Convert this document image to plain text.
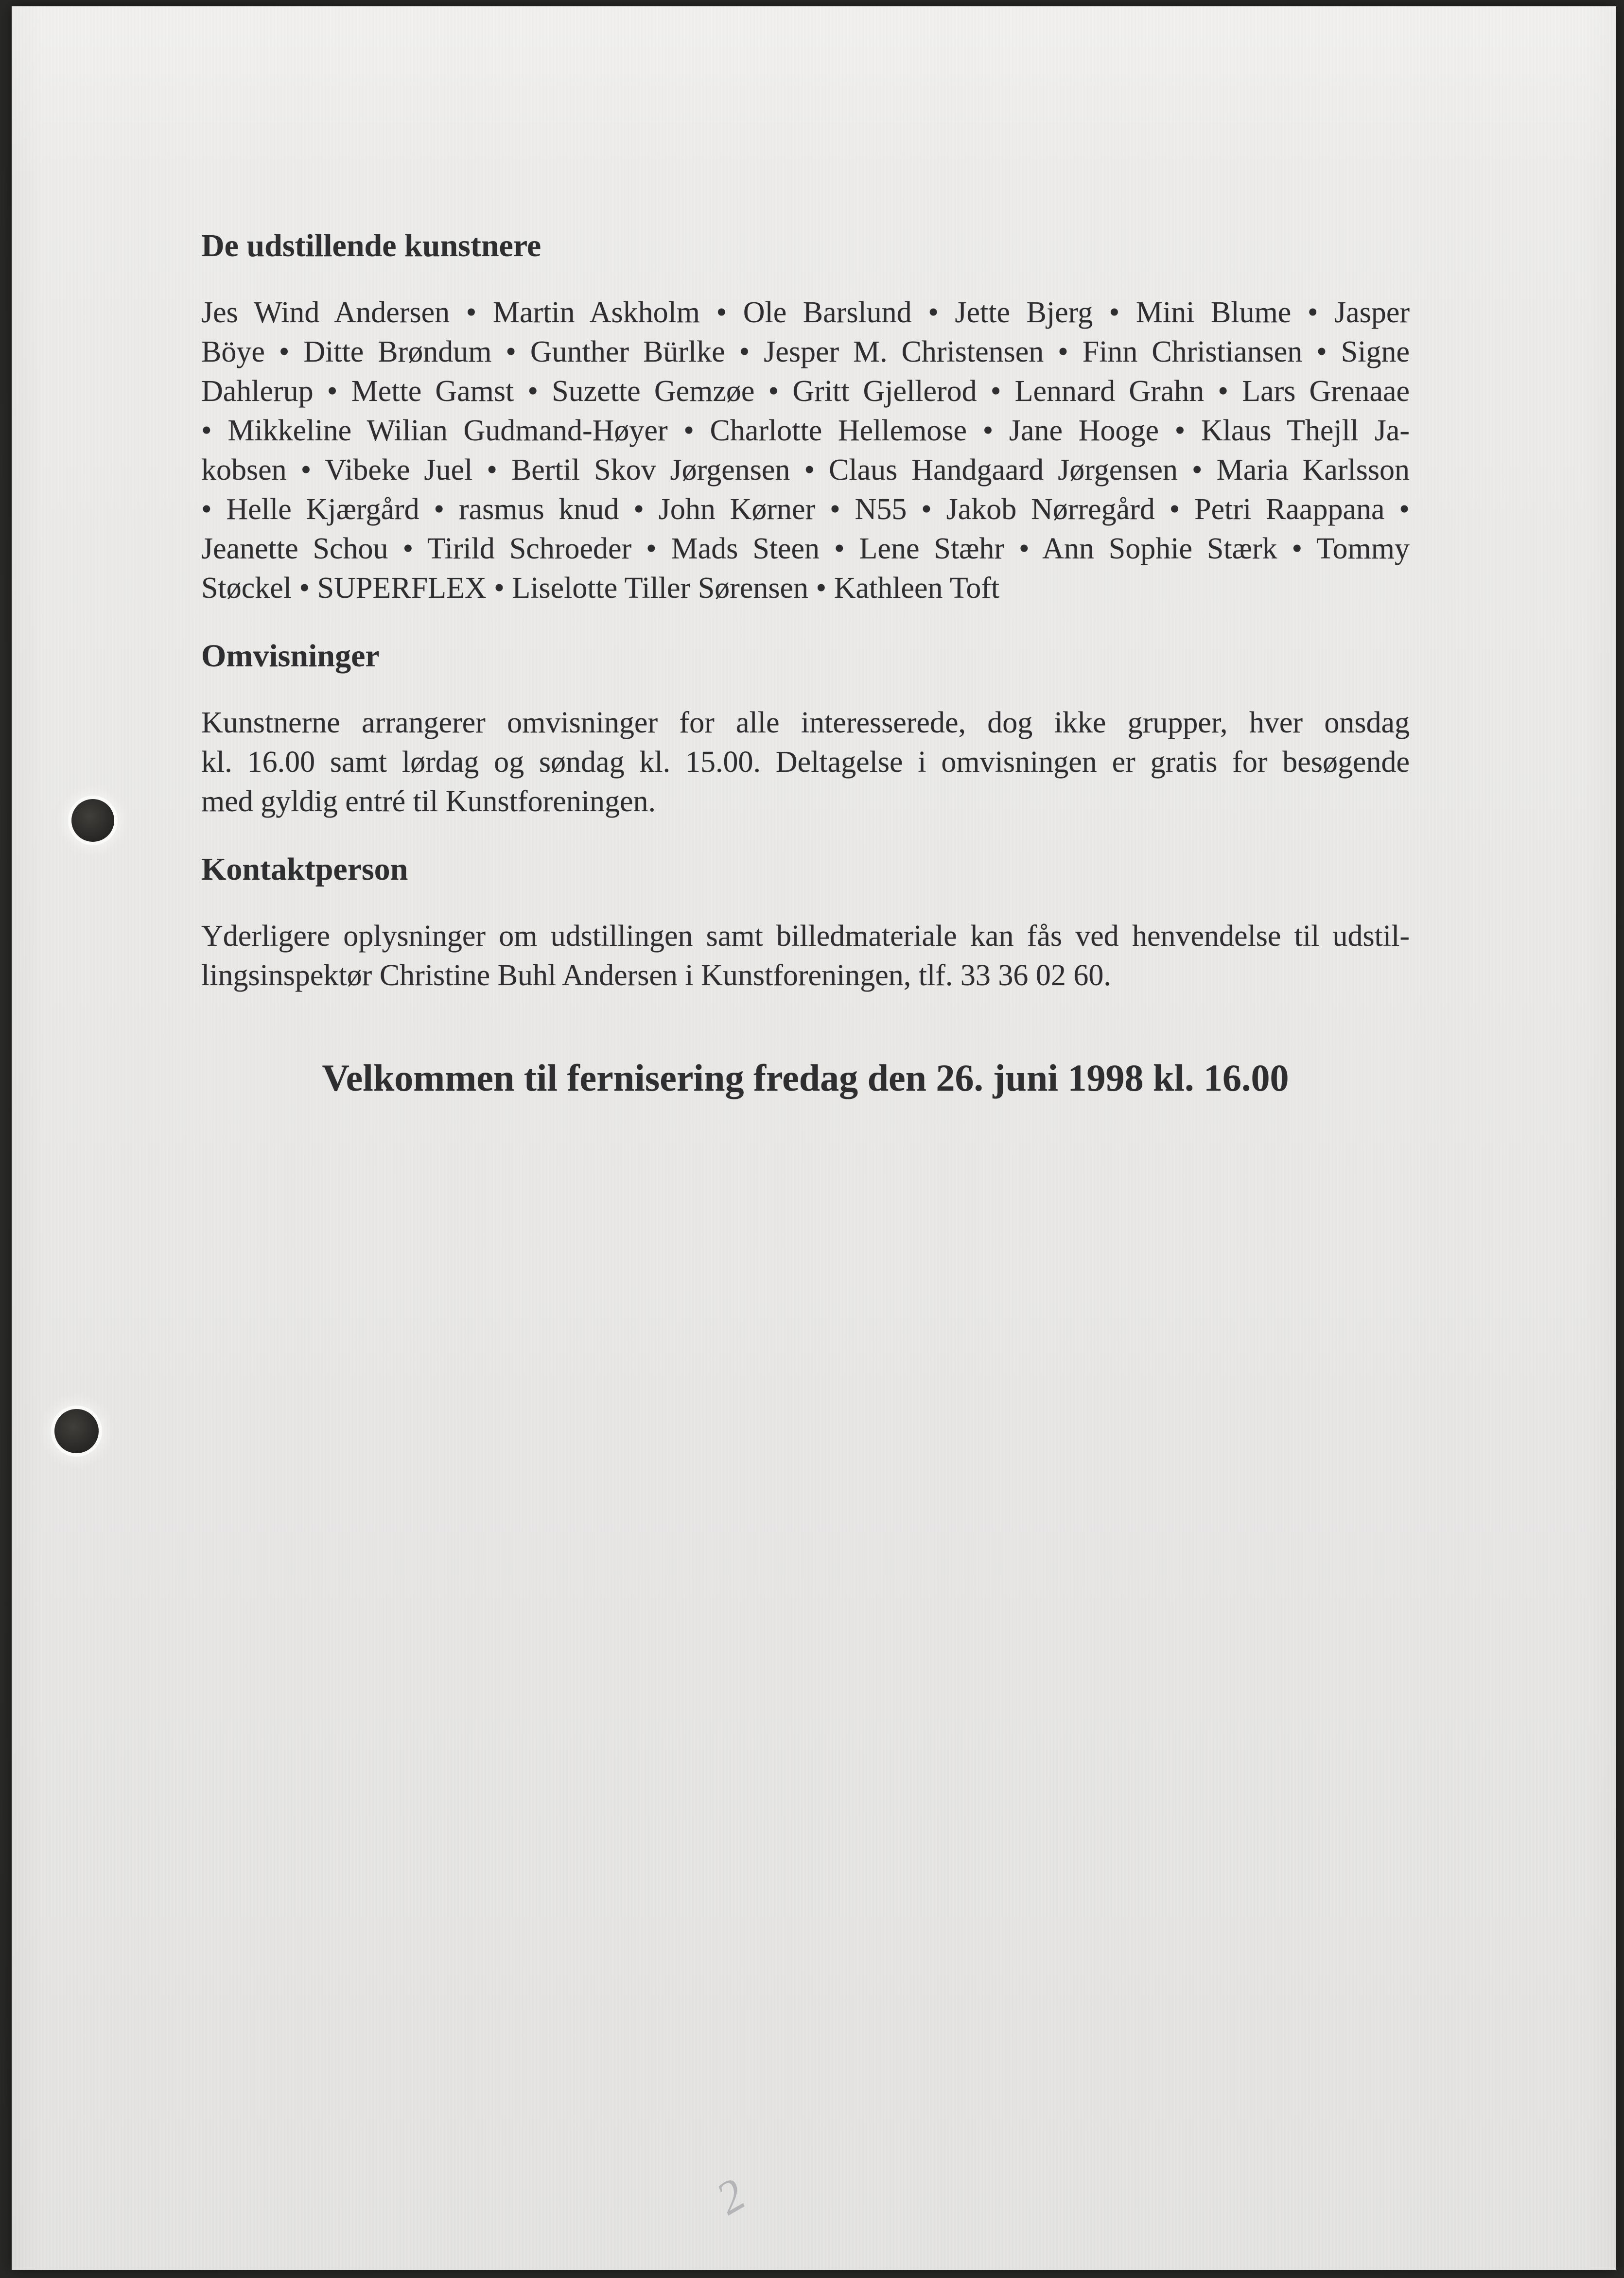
De udstillende kunstnere
Jes Wind Andersen • Martin Askholm • Ole Barslund • Jette Bjerg • Mini Blume • Jasper
Böye • Ditte Brøndum • Gunther Bürlke • Jesper M. Christensen • Finn Christiansen • Signe
Dahlerup • Mette Gamst • Suzette Gemzøe • Gritt Gjellerod • Lennard Grahn • Lars Grenaae
• Mikkeline Wilian Gudmand-Høyer • Charlotte Hellemose • Jane Hooge • Klaus Thejll Ja-
kobsen • Vibeke Juel • Bertil Skov Jørgensen • Claus Handgaard Jørgensen • Maria Karlsson
• Helle Kjærgård • rasmus knud • John Kørner • N55 • Jakob Nørregård • Petri Raappana •
Jeanette Schou • Tirild Schroeder • Mads Steen • Lene Stæhr • Ann Sophie Stærk • Tommy
Støckel • SUPERFLEX • Liselotte Tiller Sørensen • Kathleen Toft
Omvisninger
Kunstnerne arrangerer omvisninger for alle interesserede, dog ikke grupper, hver onsdag
kl. 16.00 samt lørdag og søndag kl. 15.00. Deltagelse i omvisningen er gratis for besøgende
med gyldig entré til Kunstforeningen.
Kontaktperson
Yderligere oplysninger om udstillingen samt billedmateriale kan fås ved henvendelse til udstil-
lingsinspektør Christine Buhl Andersen i Kunstforeningen, tlf. 33 36 02 60.
Velkommen til fernisering fredag den 26. juni 1998 kl. 16.00
2
